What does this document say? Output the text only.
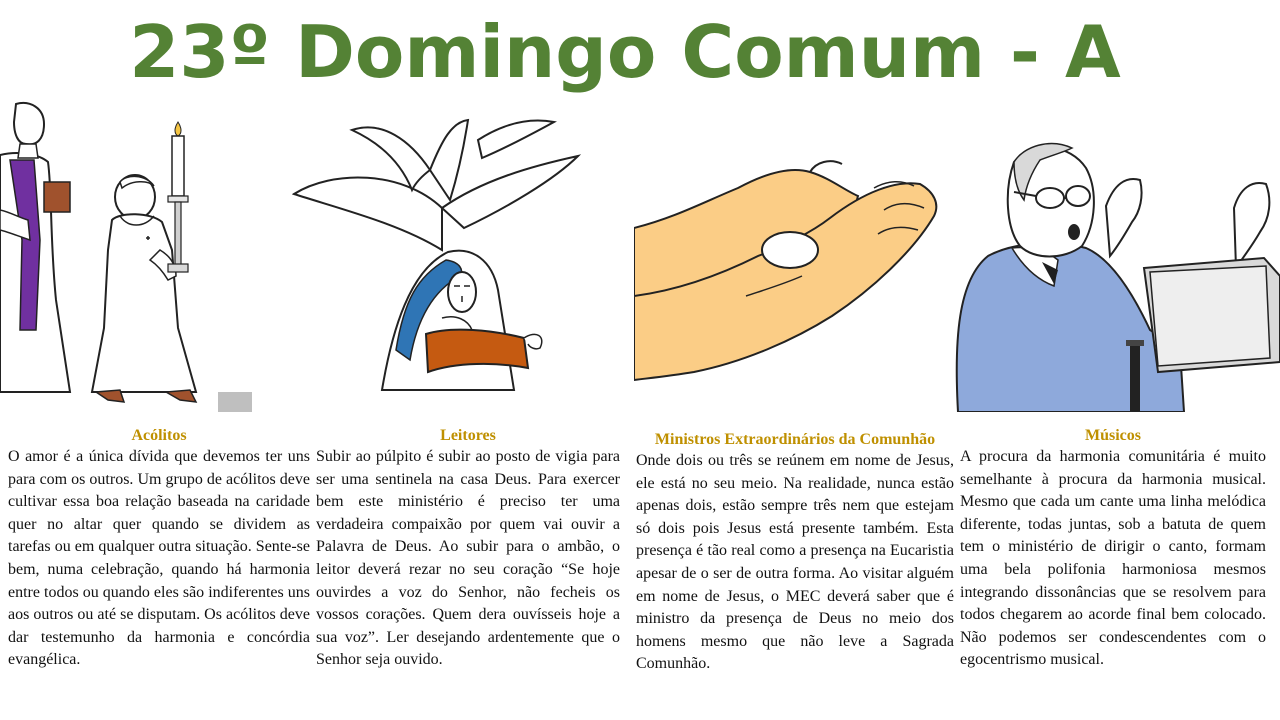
23º Domingo Comum - A
Acólitos

O amor é a única dívida que devemos ter uns para com os outros. Um grupo de acólitos deve cultivar essa boa relação baseada na caridade quer no altar quer quando se dividem as tarefas ou em qualquer outra situação. Sente-se bem, numa celebração, quando há harmonia entre todos ou quando eles são indiferentes uns aos outros ou até se disputam. Os acólitos deve dar testemunho da harmonia e concórdia evangélica.

Leitores

Subir ao púlpito é subir ao posto de vigia para ser uma sentinela na casa Deus. Para exercer bem este ministério é preciso ter uma verdadeira compaixão por quem vai ouvir a Palavra de Deus. Ao subir para o ambão, o leitor deverá rezar no seu coração “Se hoje ouvirdes a voz do Senhor, não fecheis os vossos corações. Quem dera ouvísseis hoje a sua voz”. Ler desejando ardentemente que o Senhor seja ouvido.

Ministros Extraordinários da Comunhão

Onde dois ou três se reúnem em nome de Jesus, ele está no seu meio. Na realidade, nunca estão apenas dois, estão sempre três nem que estejam só dois pois Jesus está presente também. Esta presença é tão real como a presença na Eucaristia apesar de o ser de outra forma. Ao visitar alguém em nome de Jesus, o MEC deverá saber que é ministro da presença de Deus no meio dos homens mesmo que não leve a Sagrada Comunhão.

Músicos

A procura da harmonia comunitária é muito semelhante à procura da harmonia musical. Mesmo que cada um cante uma linha melódica diferente, todas juntas, sob a batuta de quem tem o ministério de dirigir o canto, formam uma bela polifonia harmoniosa mesmos integrando dissonâncias que se resolvem para todos chegarem ao acorde final bem colocado. Não podemos ser condescendentes com o egocentrismo musical.
